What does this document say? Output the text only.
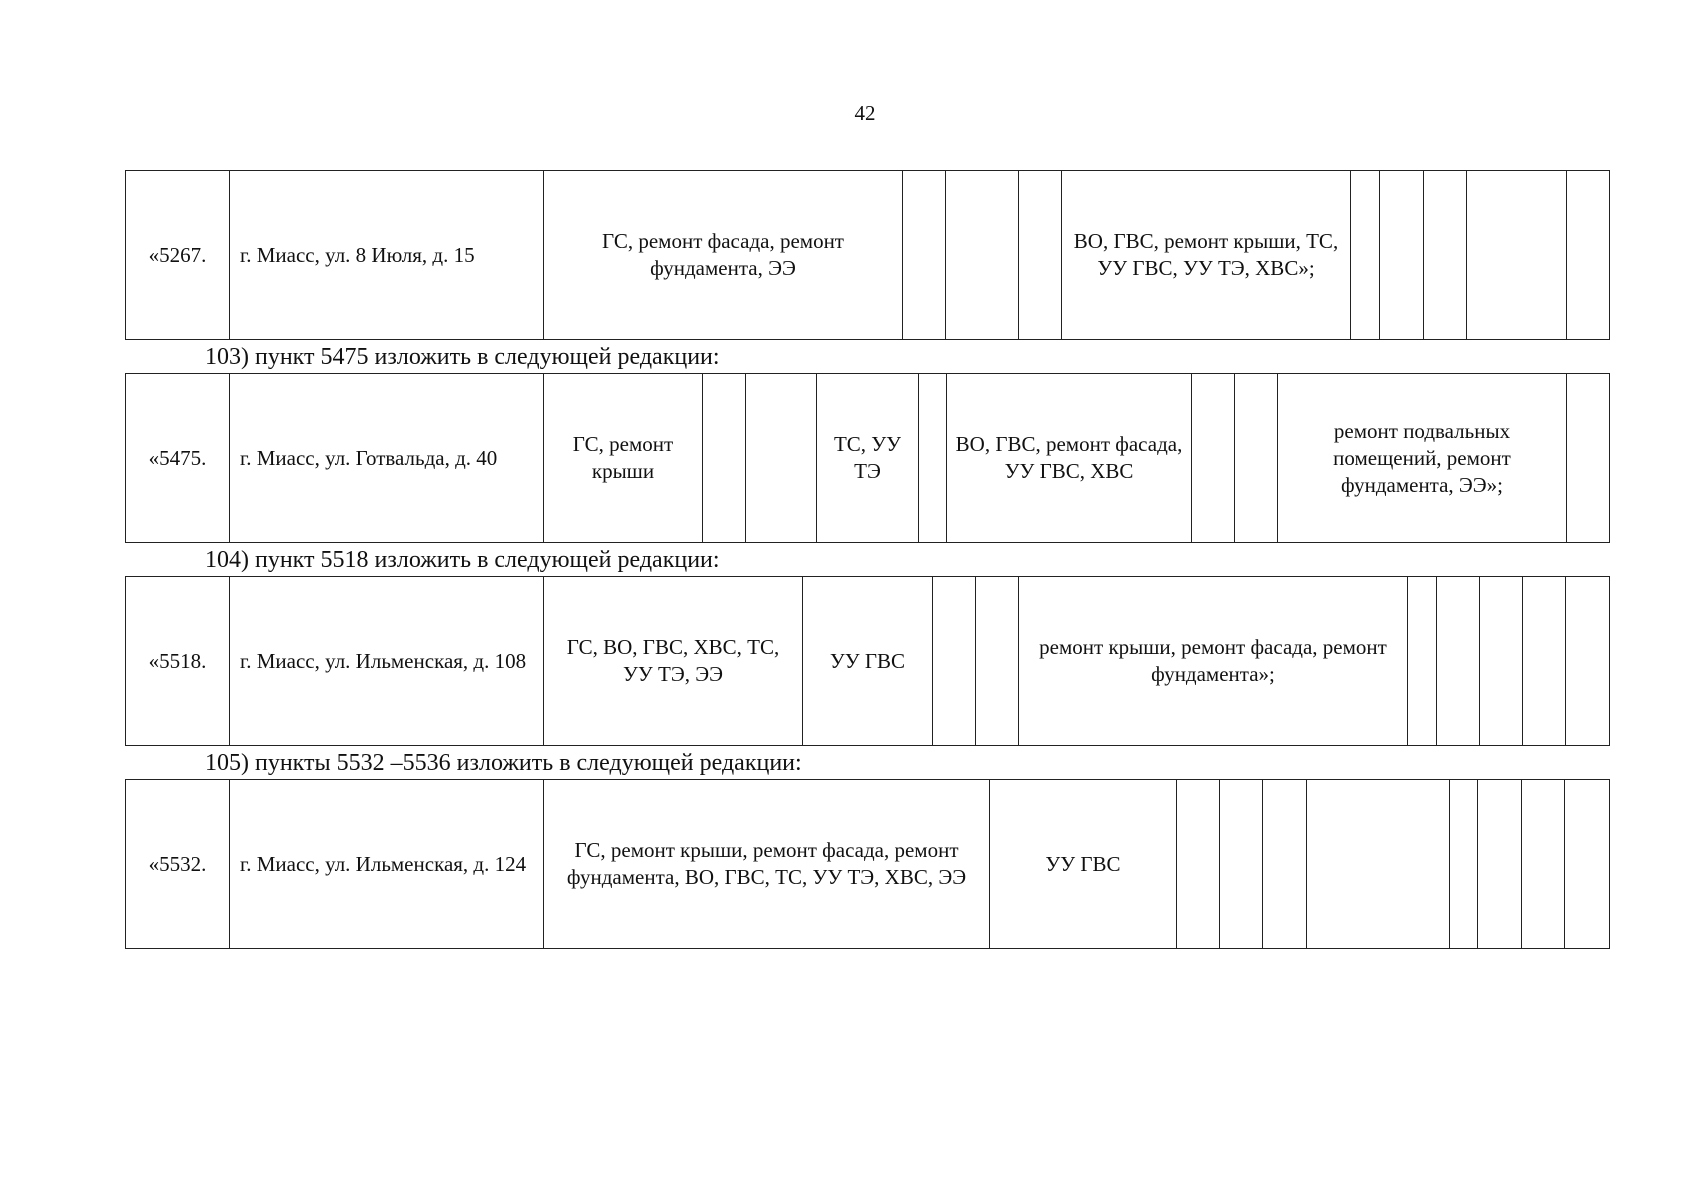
42
«5267.	г. Миасс, ул. 8 Июля, д. 15	ГС, ремонт фасада, ремонт фундамента, ЭЭ				ВО, ГВС, ремонт крыши, ТС, УУ ГВС, УУ ТЭ, ХВС»;					
103) пункт 5475 изложить в следующей редакции:
«5475.	г. Миасс, ул. Готвальда, д. 40	ГС, ремонт крыши			ТС, УУ ТЭ		ВО, ГВС, ремонт фасада, УУ ГВС, ХВС			ремонт подвальных помещений, ремонт фундамента, ЭЭ»;	
104) пункт 5518 изложить в следующей редакции:
«5518.	г. Миасс, ул. Ильменская, д. 108	ГС, ВО, ГВС, ХВС, ТС, УУ ТЭ, ЭЭ	УУ ГВС			ремонт крыши, ремонт фасада, ремонт фундамента»;					
105) пункты 5532 –5536 изложить в следующей редакции:
«5532.	г. Миасс, ул. Ильменская, д. 124	ГС, ремонт крыши, ремонт фасада, ремонт фундамента, ВО, ГВС, ТС, УУ ТЭ, ХВС, ЭЭ	УУ ГВС								
